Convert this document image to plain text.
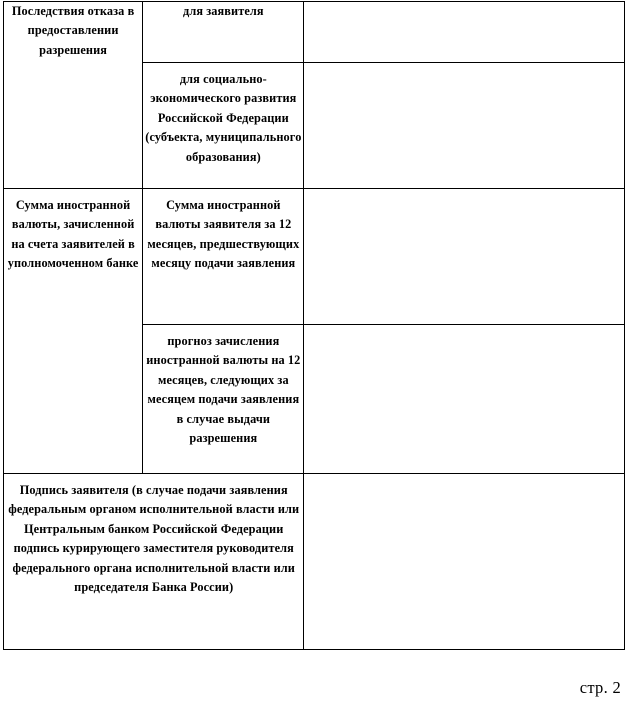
Последствия отказа в предоставлении разрешения	для заявителя	
	для социально-экономического развития Российской Федерации (субъекта, муниципального образования)	
Сумма иностранной валюты, зачисленной на счета заявителей в уполномоченном банке	Сумма иностранной валюты заявителя за 12 месяцев, предшествующих месяцу подачи заявления	
	прогноз зачисления иностранной валюты на 12 месяцев, следующих за месяцем подачи заявления в случае выдачи разрешения	
Подпись заявителя (в случае подачи заявления федеральным органом исполнительной власти или Центральным банком Российской Федерации подпись курирующего заместителя руководителя федерального органа исполнительной власти или председателя Банка России)		
стр. 2
